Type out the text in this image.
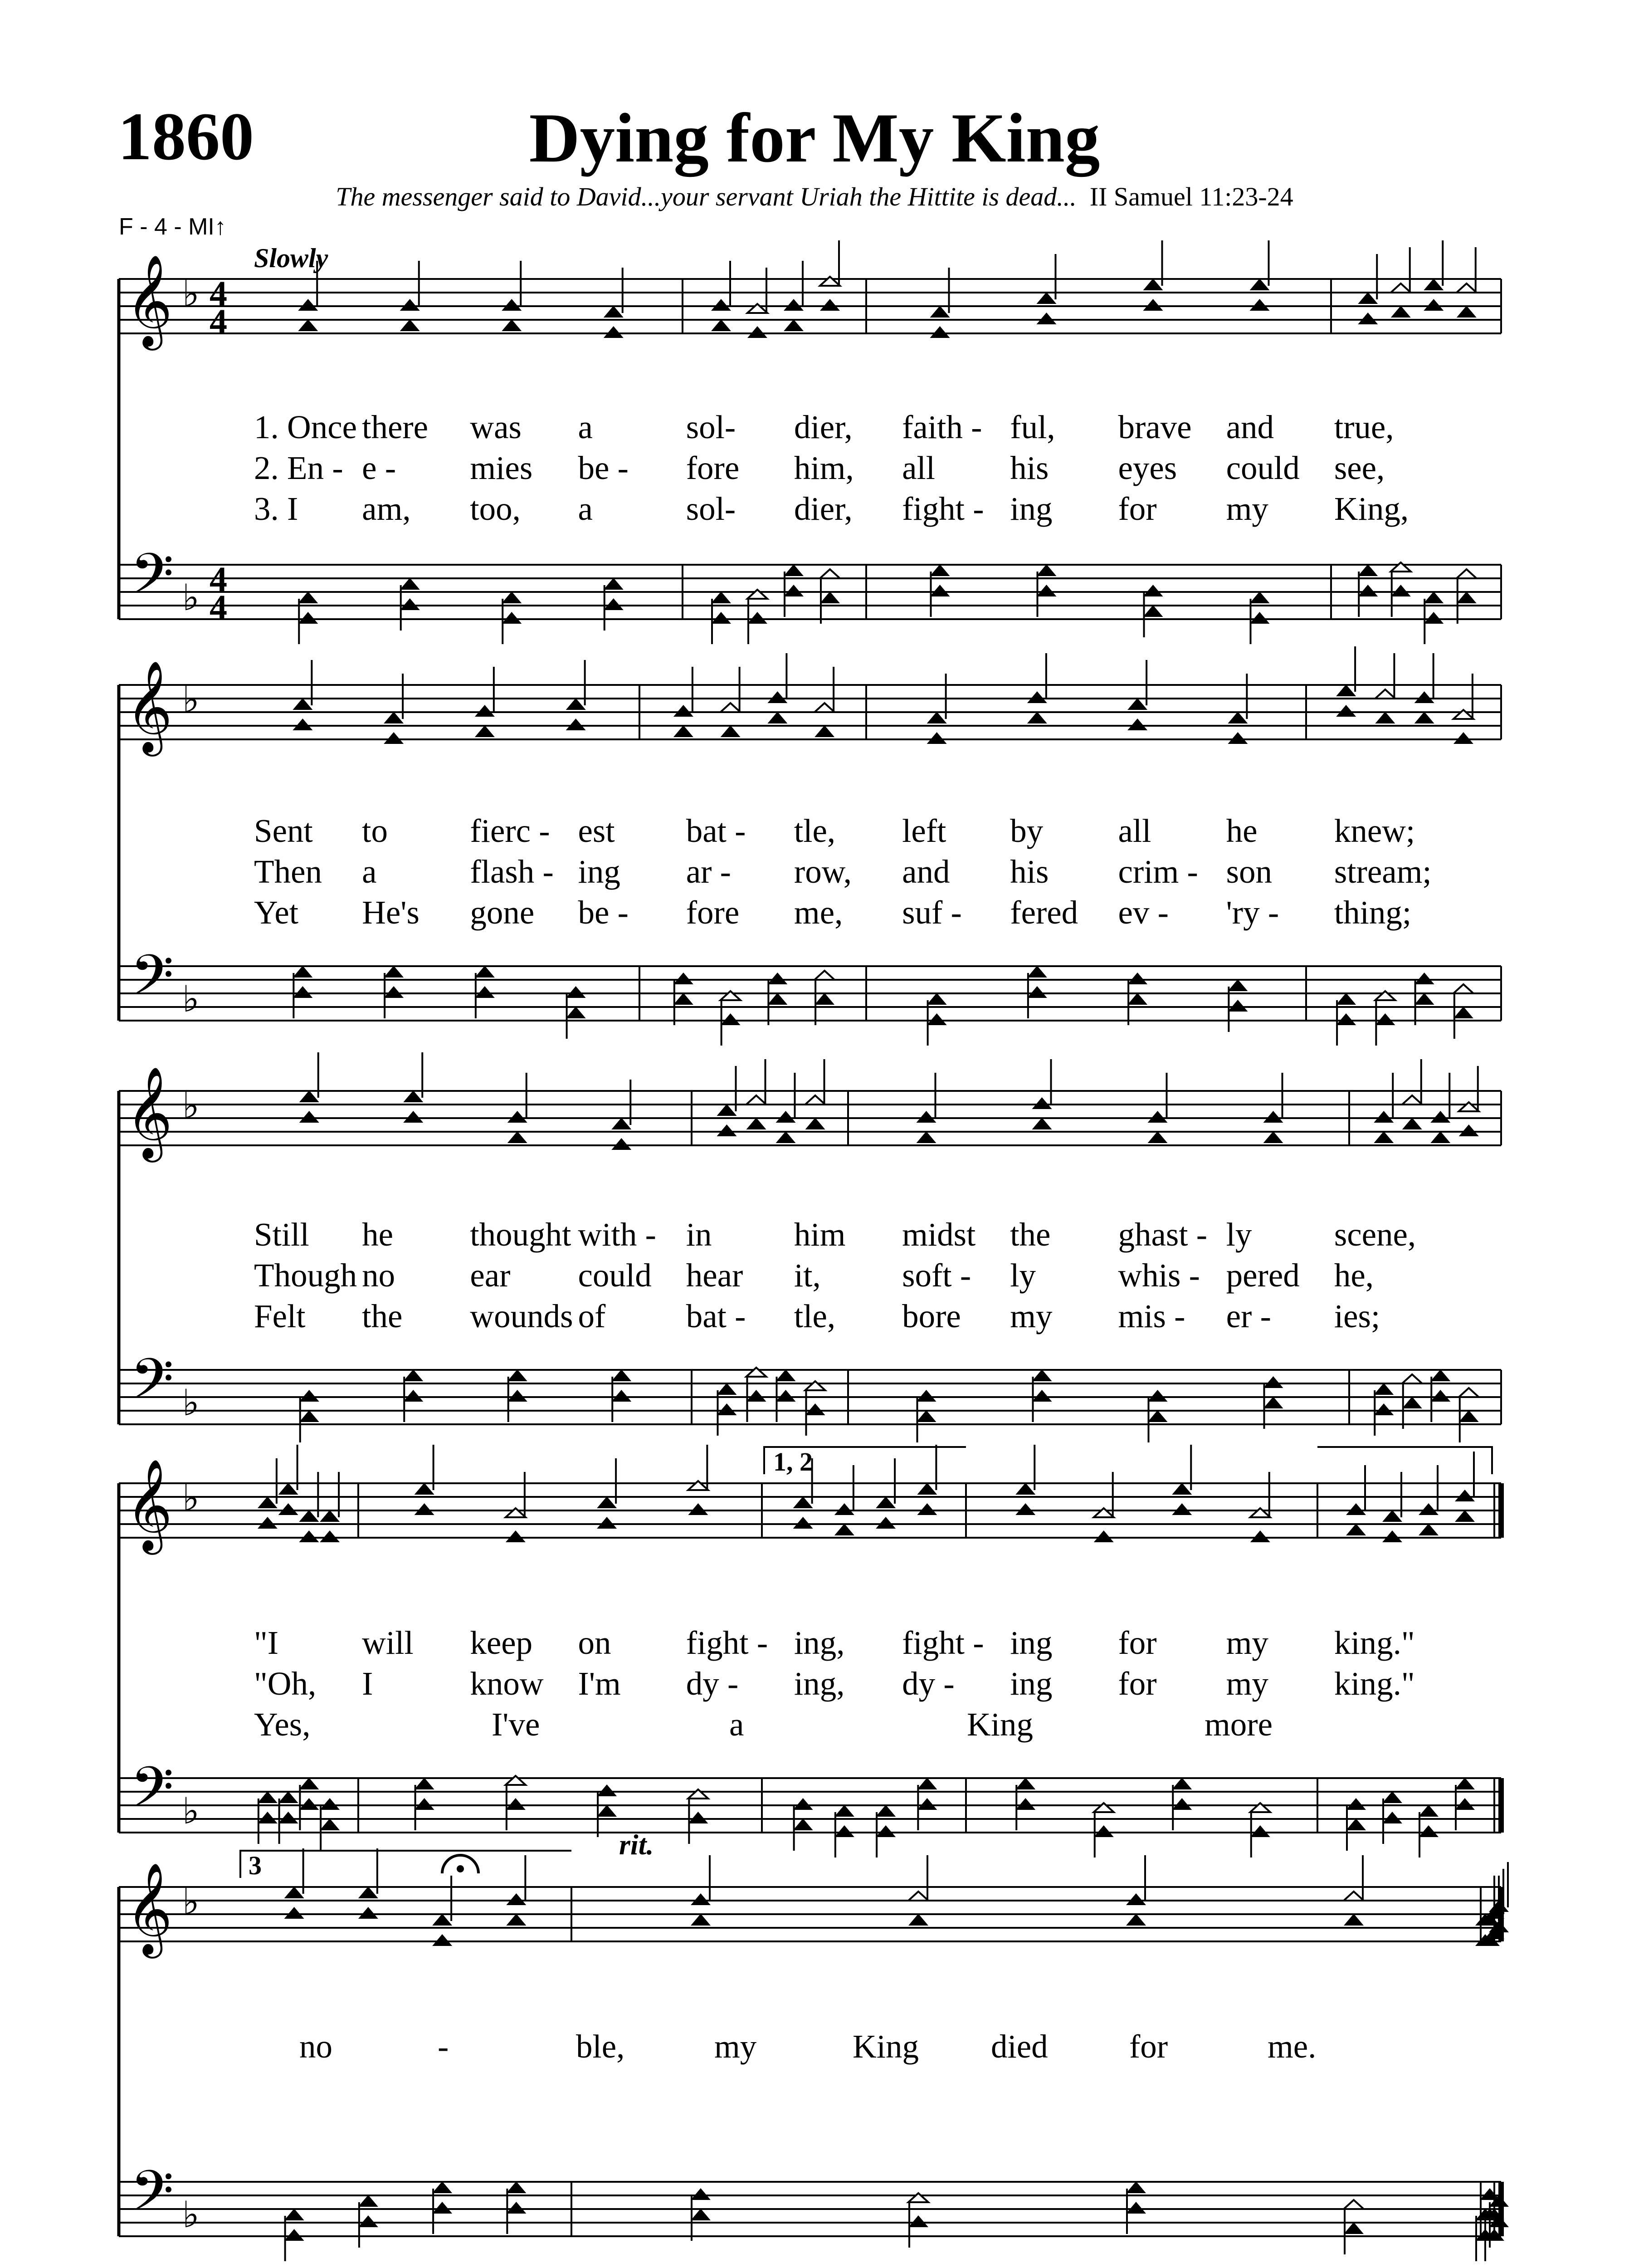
1860	Dying for My King
The messenger said to David...your servant Uriah the Hittite is dead... II Samuel 11:23-24
F - 4 - MI↑
Slowly
rit.
𝄞
𝄢
♭
♭
4
4
4
4
𝄞
𝄢
♭
♭
𝄞
𝄢
♭
♭
𝄞
𝄢
♭
♭
𝄞
𝄢
♭
♭
1, 2
3
1. Once there was a	sol- dier, faith - ful, brave and true,
2. En - e - mies be - fore him, all his eyes could see,
3. I am, too, a	sol- dier, fight - ing for my King,
Sent to fierc - est bat - tle, left by all he knew;
Then a	flash - ing ar - row, and his crim - son stream;
Yet He's gone be - fore me, suf - fered ev - 'ry - thing;
Still he thought with - in him midst the ghast - ly scene,
Though no ear could hear it, soft - ly whis - pered he,
Felt the wounds of bat - tle, bore my mis - er - ies;
"I	will keep on fight - ing, fight - ing for my king."
"Oh, I	know I'm dy - ing, dy - ing for my king."
Yes,	I've	a	King	more
no	-	ble,	my	King died for	me.
